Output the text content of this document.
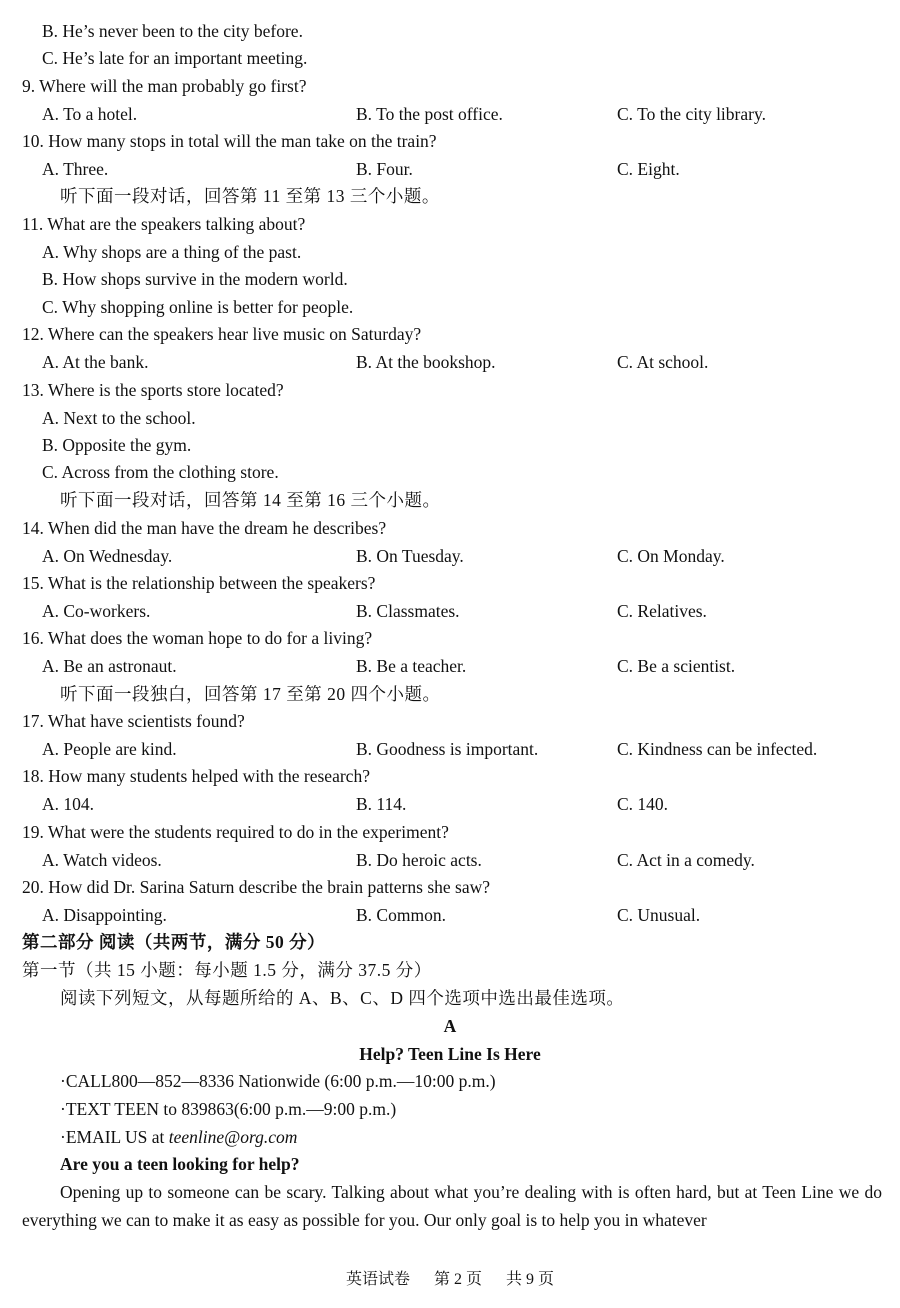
B. He’s never been to the city before.
C. He’s late for an important meeting.
9. Where will the man probably go first?
A. To a hotel.	B. To the post office.	C. To the city library.
10. How many stops in total will the man take on the train?
A. Three.	B. Four.	C. Eight.
听下面一段对话，回答第 11 至第 13 三个小题。
11. What are the speakers talking about?
A. Why shops are a thing of the past.
B. How shops survive in the modern world.
C. Why shopping online is better for people.
12. Where can the speakers hear live music on Saturday?
A. At the bank.	B. At the bookshop.	C. At school.
13. Where is the sports store located?
A. Next to the school.
B. Opposite the gym.
C. Across from the clothing store.
听下面一段对话，回答第 14 至第 16 三个小题。
14. When did the man have the dream he describes?
A. On Wednesday.	B. On Tuesday.	C. On Monday.
15. What is the relationship between the speakers?
A. Co-workers.	B. Classmates.	C. Relatives.
16. What does the woman hope to do for a living?
A. Be an astronaut.	B. Be a teacher.	C. Be a scientist.
听下面一段独白，回答第 17 至第 20 四个小题。
17. What have scientists found?
A. People are kind.	B. Goodness is important.	C. Kindness can be infected.
18. How many students helped with the research?
A. 104.	B. 114.	C. 140.
19. What were the students required to do in the experiment?
A. Watch videos.	B. Do heroic acts.	C. Act in a comedy.
20. How did Dr. Sarina Saturn describe the brain patterns she saw?
A. Disappointing.	B. Common.	C. Unusual.
第二部分 阅读（共两节，满分 50 分）
第一节（共 15 小题：每小题 1.5 分，满分 37.5 分）
阅读下列短文，从每题所给的 A、B、C、D 四个选项中选出最佳选项。
A
Help? Teen Line Is Here
·CALL800—852—8336 Nationwide (6:00 p.m.—10:00 p.m.)
·TEXT TEEN to 839863(6:00 p.m.—9:00 p.m.)
·EMAIL US at teenline@org.com
Are you a teen looking for help?
Opening up to someone can be scary. Talking about what you’re dealing with is often hard, but at Teen Line we do everything we can to make it as easy as possible for you. Our only goal is to help you in whatever
英语试卷 第 2 页 共 9 页
